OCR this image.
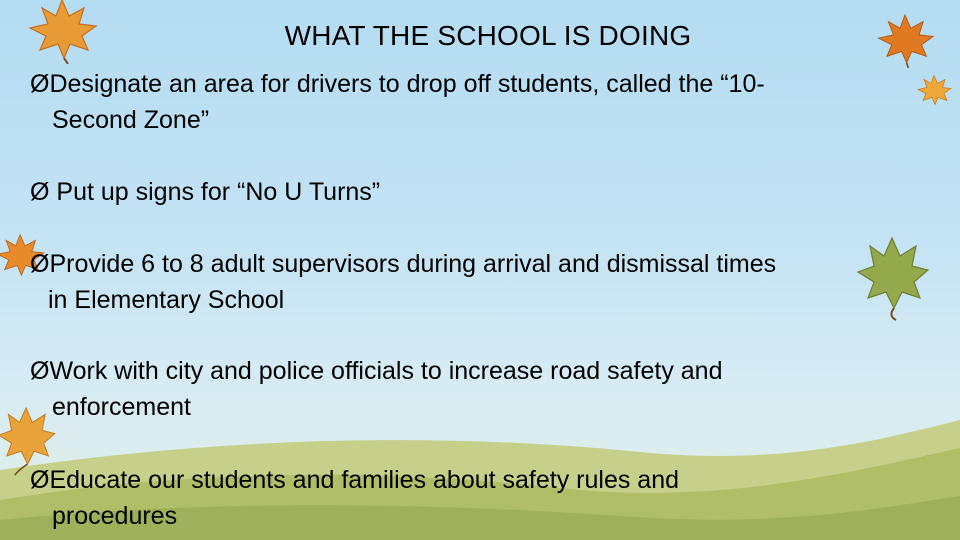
WHAT THE SCHOOL IS DOING
ØDesignate an area for drivers to drop off students, called the “10-
Second Zone”
Ø Put up signs for “No U Turns”
ØProvide 6 to 8 adult supervisors during arrival and dismissal times
in Elementary School
ØWork with city and police officials to increase road safety and
enforcement
ØEducate our students and families about safety rules and
procedures
